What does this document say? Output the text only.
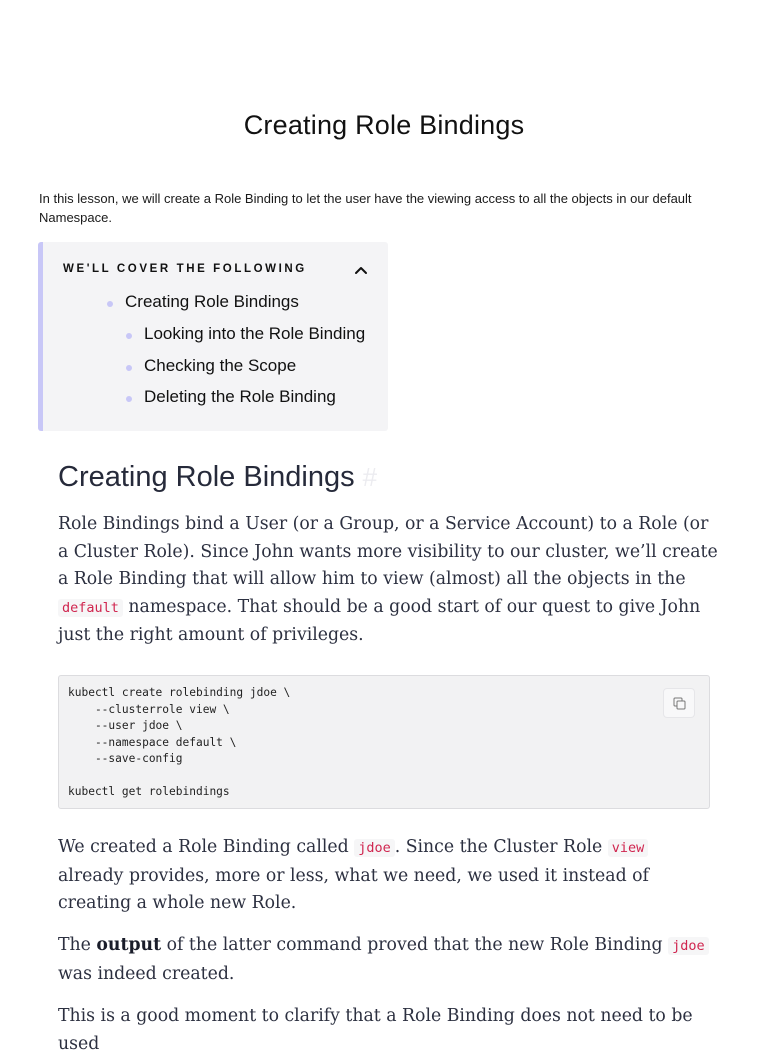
Creating Role Bindings

In this lesson, we will create a Role Binding to let the user have the viewing access to all the objects in our default Namespace.

WE'LL COVER THE FOLLOWING
Creating Role Bindings
Looking into the Role Binding
Checking the Scope
Deleting the Role Binding
Creating Role Bindings #

Role Bindings bind a User (or a Group, or a Service Account) to a Role (or a Cluster Role). Since John wants more visibility to our cluster, we’ll create a Role Binding that will allow him to view (almost) all the objects in the default namespace. That should be a good start of our quest to give John just the right amount of privileges.

kubectl create rolebinding jdoe \
--clusterrole view \
--user jdoe \
--namespace default \
--save-config

kubectl get rolebindings

We created a Role Binding called jdoe . Since the Cluster Role view already provides, more or less, what we need, we used it instead of creating a whole new Role.

The output of the latter command proved that the new Role Binding jdoe was indeed created.

This is a good moment to clarify that a Role Binding does not need to be used
